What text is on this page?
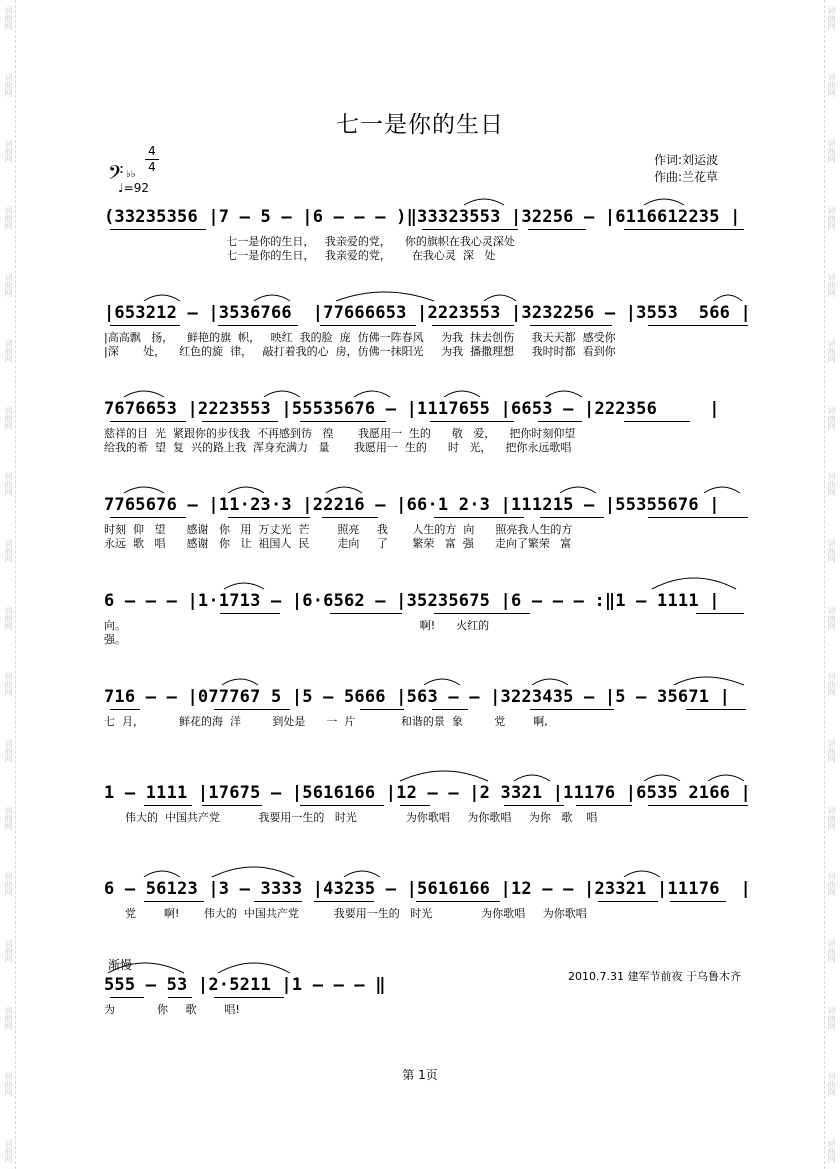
词曲网
词曲网
词曲网
词曲网
词曲网
词曲网
词曲网
词曲网
词曲网
词曲网
词曲网
词曲网
词曲网
词曲网
词曲网
词曲网
词曲网
词曲网
词曲网
词曲网
词曲网
词曲网
词曲网
词曲网
词曲网
词曲网
词曲网
词曲网
词曲网
词曲网
词曲网
词曲网
词曲网
词曲网
词曲网
词曲网
七一是你的生日
𝄢 ♭♭
4
4
♩=92
作词:刘运波
作曲:兰花草
(33235356 |7 — 5 — |6 — — — )‖33323553 |32256 — |6116612235 |
七一是你的生日，   我亲爱的党，    你的旗帜在我心灵深处
七一是你的生日，   我亲爱的党，      在我心灵  深   处
|653212 — |3536766  |77666653 |2223553 |3232256 — |3553  566 |
|高高飘   扬，    鲜艳的旗  帜，   映红  我的脸  庞  仿佛一阵春风     为我  抹去创伤     我天天都  感受你
|深       处，    红色的旋  律，   敲打着我的心  房，仿佛一抹阳光     为我  播撒理想     我时时都  看到你
7676653 |2223553 |55535676 — |1117655 |6653 — |222356     |
慈祥的目  光  紧跟你的步伐我  不再感到彷   徨       我愿用一  生的      敬   爱，    把你时刻仰望
给我的希  望  复  兴的路上我  浑身充满力   量       我愿用一  生的      时   光，    把你永远歌唱
7765676 — |11·23·3 |22216 — |66·1 2·3 |111215 — |55355676 |
时刻  仰   望      感谢   你   用  万丈光  芒        照亮     我       人生的方  向      照亮我人生的方
永远  歌   唱      感谢   你   让  祖国人  民        走向     了       繁荣   富  强      走向了繁荣   富
6 — — — |1·1713 — |6·6562 — |35235675 |6 — — — :‖1 — 1111 |
向。                                                                                    啊!      火红的
强。
716 — — |077767 5 |5 — 5666 |563 — — |3223435 — |5 — 35671 |
七  月，          鲜花的海  洋         到处是      一  片             和谐的景  象         党        啊,
1 — 1111 |17675 — |5616166 |12 — — |2 3321 |11176 |6535 2166 |
伟大的  中国共产党           我要用一生的   时光              为你歌唱     为你歌唱     为你   歌    唱
6 — 56123 |3 — 3333 |43235 — |5616166 |12 — — |23321 |11176  |
党        啊!       伟大的  中国共产党          我要用一生的   时光              为你歌唱     为你歌唱
渐慢
555 — 53 |2·5211 |1 — — — ‖
为            你     歌        唱!
2010.7.31 建军节前夜 于乌鲁木齐
第 1页
